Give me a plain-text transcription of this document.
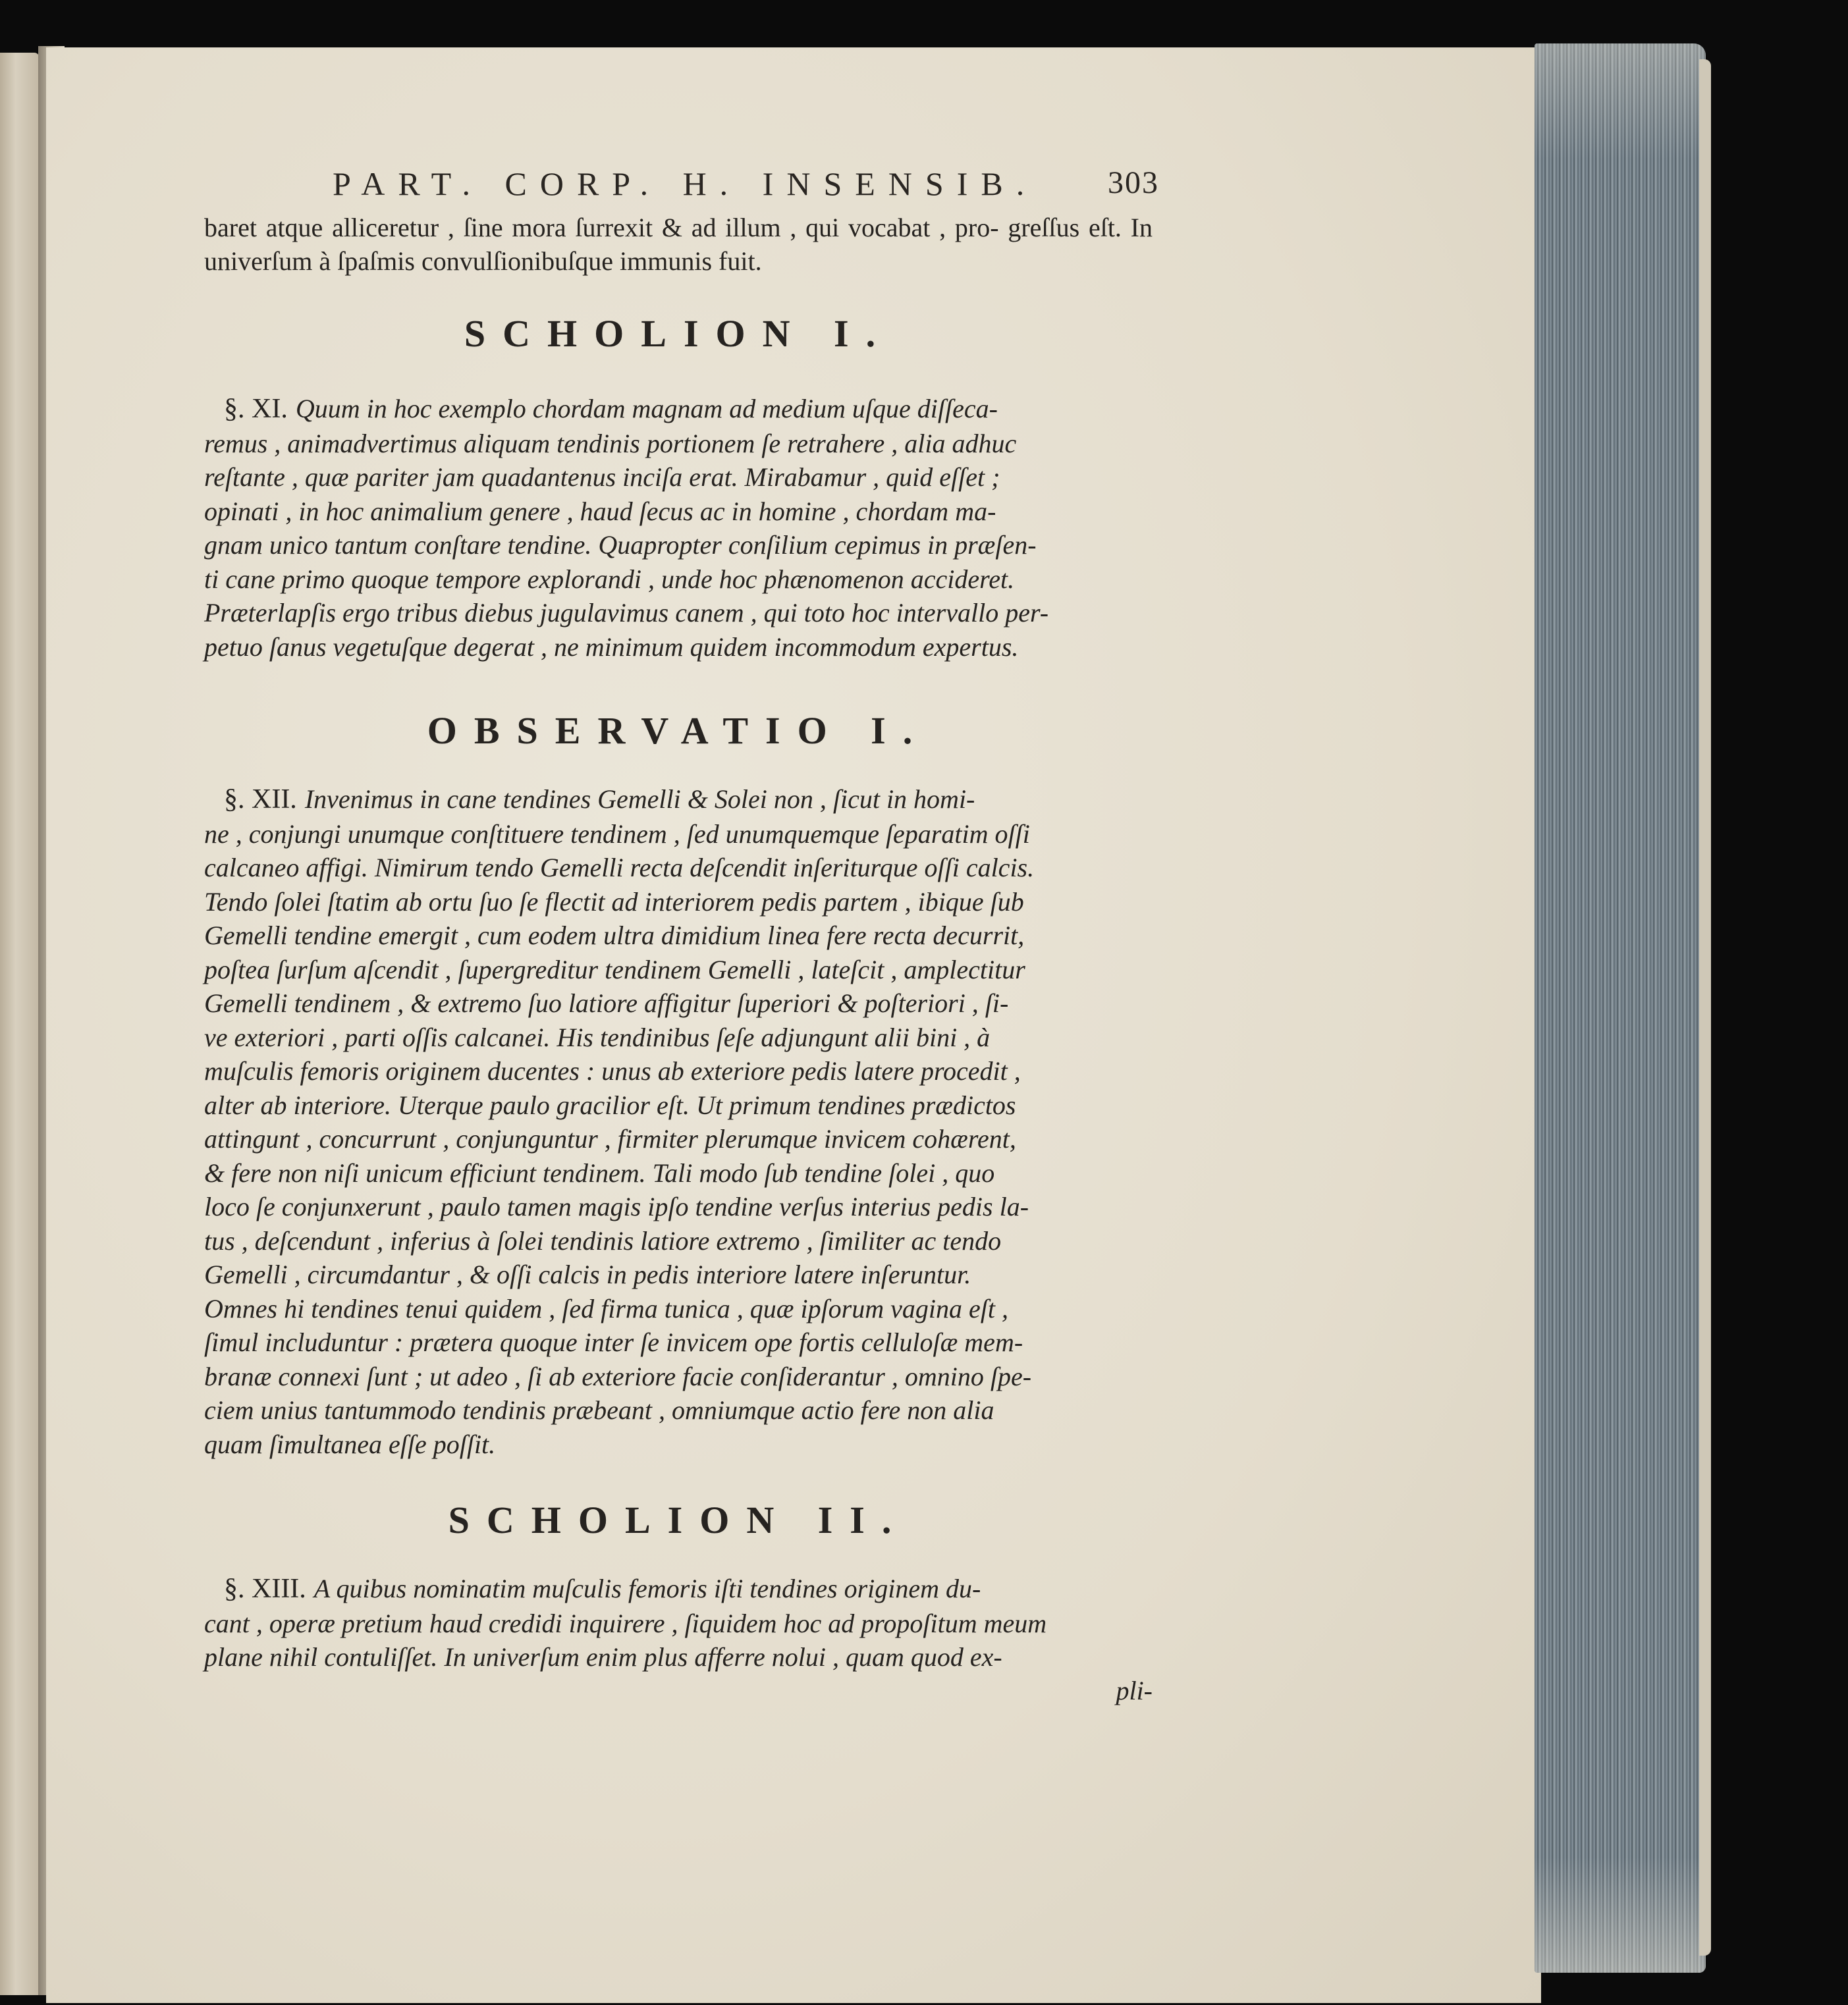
PART. CORP. H. INSENSIB. 303

baret atque alliceretur , ſine mora ſurrexit & ad illum , qui vocabat , pro- greſſus eſt. In univerſum à ſpaſmis convulſionibuſque immunis fuit.

SCHOLION I.

§. XI. Quum in hoc exemplo chordam magnam ad medium uſque diſſeca-
remus , animadvertimus aliquam tendinis portionem ſe retrahere , alia adhuc
reſtante , quæ pariter jam quadantenus inciſa erat. Mirabamur , quid eſſet ;
opinati , in hoc animalium genere , haud ſecus ac in homine , chordam ma-
gnam unico tantum conſtare tendine. Quapropter conſilium cepimus in præſen-
ti cane primo quoque tempore explorandi , unde hoc phænomenon accideret.
Præterlapſis ergo tribus diebus jugulavimus canem , qui toto hoc intervallo per-
petuo ſanus vegetuſque degerat , ne minimum quidem incommodum expertus.

OBSERVATIO I.

§. XII. Invenimus in cane tendines Gemelli & Solei non , ſicut in homi-
ne , conjungi unumque conſtituere tendinem , ſed unumquemque ſeparatim oſſi
calcaneo affigi. Nimirum tendo Gemelli recta deſcendit inſeriturque oſſi calcis.
Tendo ſolei ſtatim ab ortu ſuo ſe flectit ad interiorem pedis partem , ibique ſub
Gemelli tendine emergit , cum eodem ultra dimidium linea fere recta decurrit,
poſtea ſurſum aſcendit , ſupergreditur tendinem Gemelli , lateſcit , amplectitur
Gemelli tendinem , & extremo ſuo latiore affigitur ſuperiori & poſteriori , ſi-
ve exteriori , parti oſſis calcanei. His tendinibus ſeſe adjungunt alii bini , à
muſculis femoris originem ducentes : unus ab exteriore pedis latere procedit ,
alter ab interiore. Uterque paulo gracilior eſt. Ut primum tendines prædictos
attingunt , concurrunt , conjunguntur , firmiter plerumque invicem cohærent,
& fere non niſi unicum efficiunt tendinem. Tali modo ſub tendine ſolei , quo
loco ſe conjunxerunt , paulo tamen magis ipſo tendine verſus interius pedis la-
tus , deſcendunt , inferius à ſolei tendinis latiore extremo , ſimiliter ac tendo
Gemelli , circumdantur , & oſſi calcis in pedis interiore latere inſeruntur.
Omnes hi tendines tenui quidem , ſed firma tunica , quæ ipſorum vagina eſt ,
ſimul includuntur : prætera quoque inter ſe invicem ope fortis celluloſæ mem-
branæ connexi ſunt ; ut adeo , ſi ab exteriore facie conſiderantur , omnino ſpe-
ciem unius tantummodo tendinis præbeant , omniumque actio fere non alia
quam ſimultanea eſſe poſſit.

SCHOLION II.

§. XIII. A quibus nominatim muſculis femoris iſti tendines originem du-
cant , operæ pretium haud credidi inquirere , ſiquidem hoc ad propoſitum meum
plane nihil contuliſſet. In univerſum enim plus afferre nolui , quam quod ex-

pli-
